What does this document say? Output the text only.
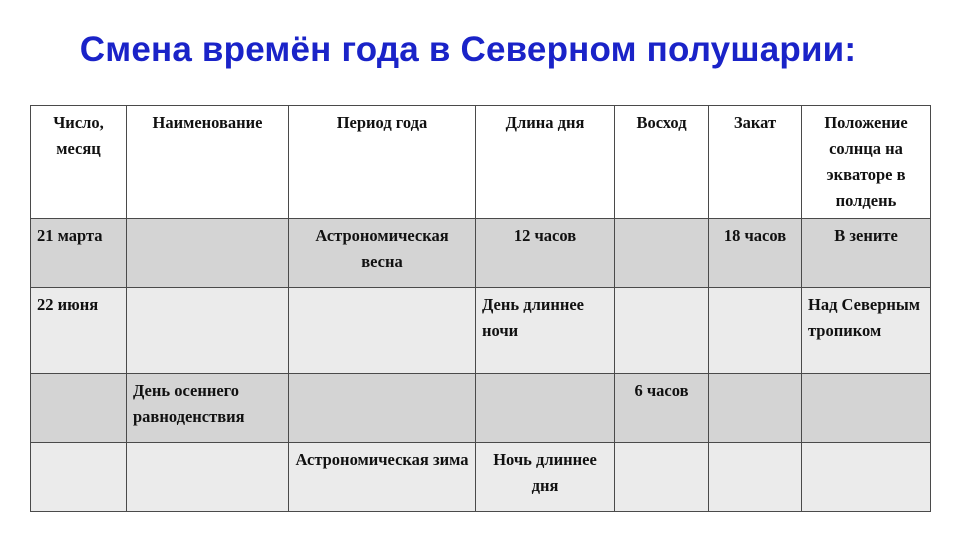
Смена времён года в Северном полушарии:
Число, месяц	Наименование	Период года	Длина дня	Восход	Закат	Положение солнца на экваторе в полдень
21 марта		Астрономическая весна	12 часов		18 часов	В зените
22 июня			День длиннее ночи			Над Северным тропиком
	День осеннего равноденствия			6 часов		
		Астрономическая зима	Ночь длиннее дня			
